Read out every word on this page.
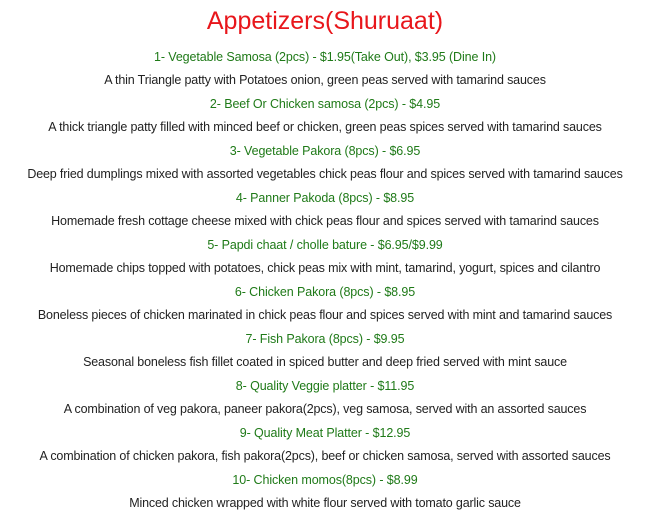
Appetizers(Shuruaat)
1- Vegetable Samosa (2pcs) - $1.95(Take Out), $3.95 (Dine In)
A thin Triangle patty with Potatoes onion, green peas served with tamarind sauces
2- Beef Or Chicken samosa (2pcs) - $4.95
A thick triangle patty filled with minced beef or chicken, green peas spices served with tamarind sauces
3- Vegetable Pakora (8pcs) - $6.95
Deep fried dumplings mixed with assorted vegetables chick peas flour and spices served with tamarind sauces
4- Panner Pakoda (8pcs) - $8.95
Homemade fresh cottage cheese mixed with chick peas flour and spices served with tamarind sauces
5- Papdi chaat / cholle bature - $6.95/$9.99
Homemade chips topped with potatoes, chick peas mix with mint, tamarind, yogurt, spices and cilantro
6- Chicken Pakora (8pcs) - $8.95
Boneless pieces of chicken marinated in chick peas flour and spices served with mint and tamarind sauces
7- Fish Pakora (8pcs) - $9.95
Seasonal boneless fish fillet coated in spiced butter and deep fried served with mint sauce
8- Quality Veggie platter - $11.95
A combination of veg pakora, paneer pakora(2pcs), veg samosa, served with an assorted sauces
9- Quality Meat Platter - $12.95
A combination of chicken pakora, fish pakora(2pcs), beef or chicken samosa, served with assorted sauces
10- Chicken momos(8pcs) - $8.99
Minced chicken wrapped with white flour served with tomato garlic sauce
